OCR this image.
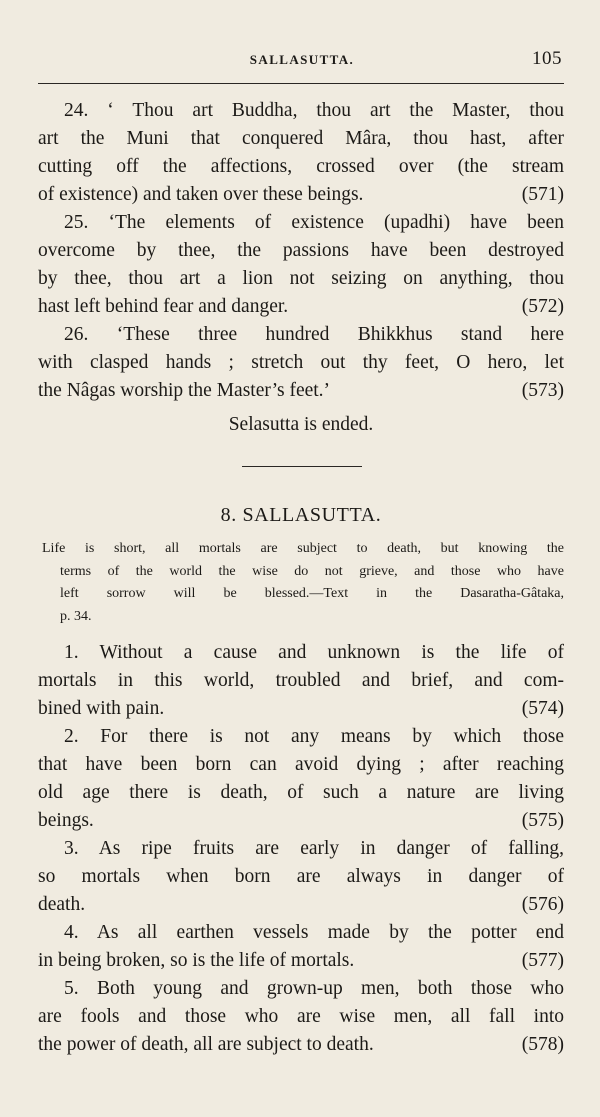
SALLASUTTA.	105
24. ‘ Thou art Buddha, thou art the Master, thou
art the Muni that conquered Mâra, thou hast, after
cutting off the affections, crossed over (the stream
of existence) and taken over these beings.	(571)
25. ‘The elements of existence (upadhi) have been
overcome by thee, the passions have been destroyed
by thee, thou art a lion not seizing on anything, thou
hast left behind fear and danger.	(572)
26. ‘These three hundred Bhikkhus stand here
with clasped hands ; stretch out thy feet, O hero, let
the Nâgas worship the Master’s feet.’	(573)
Selasutta is ended.
8. SALLASUTTA.
Life is short, all mortals are subject to death, but knowing the
terms of the world the wise do not grieve, and those who have
left sorrow will be blessed.—Text in the Dasaratha-Gâtaka,
p. 34.
1. Without a cause and unknown is the life of
mortals in this world, troubled and brief, and com-
bined with pain.	(574)
2. For there is not any means by which those
that have been born can avoid dying ; after reaching
old age there is death, of such a nature are living
beings.	(575)
3. As ripe fruits are early in danger of falling,
so mortals when born are always in danger of
death.	(576)
4. As all earthen vessels made by the potter end
in being broken, so is the life of mortals.	(577)
5. Both young and grown-up men, both those who
are fools and those who are wise men, all fall into
the power of death, all are subject to death.	(578)
